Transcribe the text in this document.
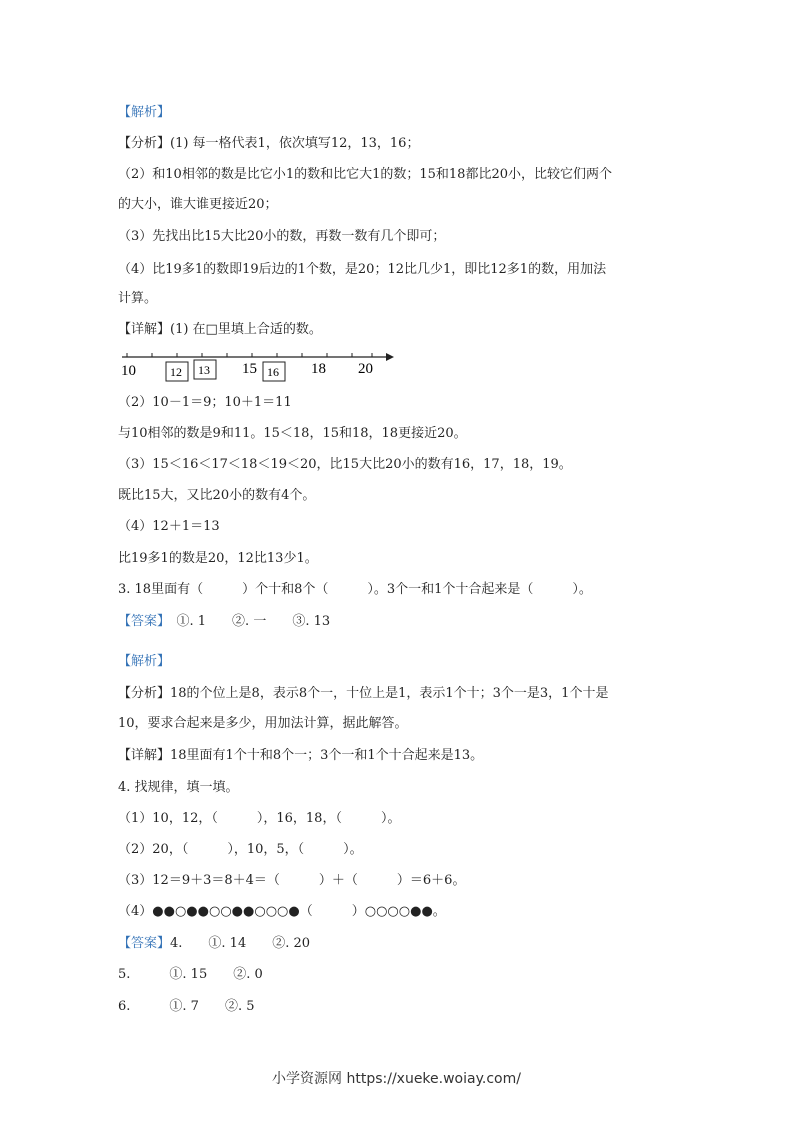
【解析】
【分析】(1) 每一格代表1，依次填写12，13，16；
（2）和10相邻的数是比它小1的数和比它大1的数；15和18都比20小，比较它们两个
的大小，谁大谁更接近20；
（3）先找出比15大比20小的数，再数一数有几个即可；
（4）比19多1的数即19后边的1个数，是20；12比几少1，即比12多1的数，用加法
计算。
【详解】(1) 在□里填上合适的数。
10	15	18 20
12 13	16
（2）10－1＝9；10＋1＝11
与10相邻的数是9和11。15＜18，15和18，18更接近20。
（3）15＜16＜17＜18＜19＜20，比15大比20小的数有16，17，18，19。
既比15大，又比20小的数有4个。
（4）12＋1＝13
比19多1的数是20，12比13少1。
3. 18里面有（　　　）个十和8个（　　　）。3个一和1个十合起来是（　　　）。
【答案】　①. 1　　②. 一　　③. 13
【解析】
【分析】18的个位上是8，表示8个一，十位上是1，表示1个十；3个一是3，1个十是
10，要求合起来是多少，用加法计算，据此解答。
【详解】18里面有1个十和8个一；3个一和1个十合起来是13。
4. 找规律，填一填。
（1）10，12，（　　　），16，18，（　　　）。
（2）20，（　　　），10，5，（　　　）。
（3）12＝9＋3＝8＋4＝（　　　）＋（　　　）＝6＋6。
（4）●●○●●○○●●○○○●（　　　）○○○○●●。
【答案】4.　　①. 14　　②. 20
5.　　　①. 15　　②. 0
6.　　　①. 7　　②. 5
小学资源网 https://xueke.woiay.com/
